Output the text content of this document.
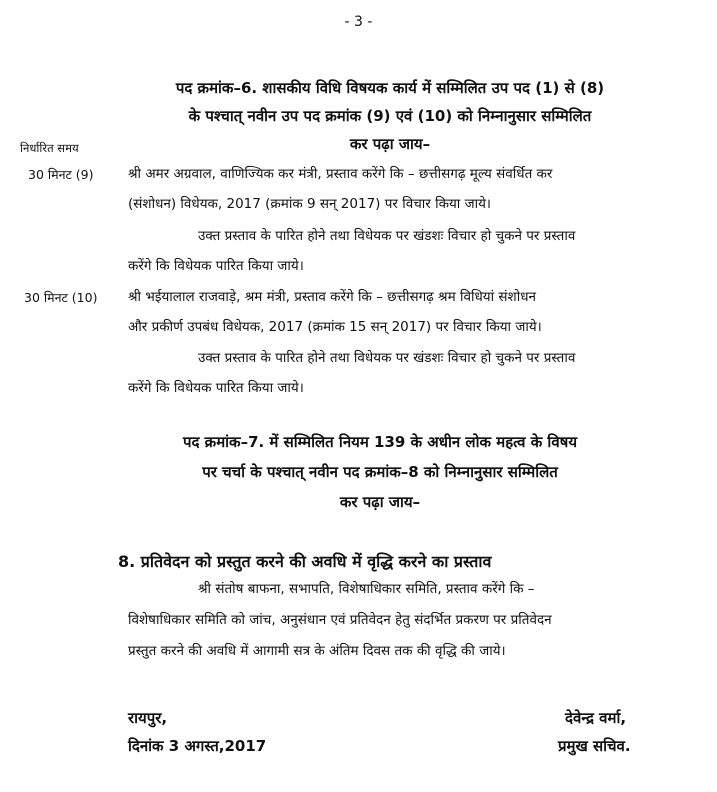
- 3 -
पद क्रमांक–6. शासकीय विधि विषयक कार्य में सम्मिलित उप पद (1) से (8)
के पश्चात् नवीन उप पद क्रमांक (9) एवं (10) को निम्नानुसार सम्मिलित
कर पढ़ा जाय–
निर्धारित समय
30 मिनट (9)	श्री अमर अग्रवाल, वाणिज्यिक कर मंत्री, प्रस्ताव करेंगे कि – छत्तीसगढ़ मूल्य संवर्धित कर
(संशोधन) विधेयक, 2017 (क्रमांक 9 सन् 2017) पर विचार किया जाये।
उक्त प्रस्ताव के पारित होने तथा विधेयक पर खंडशः विचार हो चुकने पर प्रस्ताव
करेंगे कि विधेयक पारित किया जाये।
30 मिनट (10) श्री भईयालाल राजवाड़े, श्रम मंत्री, प्रस्ताव करेंगे कि – छत्तीसगढ़ श्रम विधियां संशोधन
और प्रकीर्ण उपबंध विधेयक, 2017 (क्रमांक 15 सन् 2017) पर विचार किया जाये।
उक्त प्रस्ताव के पारित होने तथा विधेयक पर खंडशः विचार हो चुकने पर प्रस्ताव
करेंगे कि विधेयक पारित किया जाये।
पद क्रमांक–7. में सम्मिलित नियम 139 के अधीन लोक महत्व के विषय
पर चर्चा के पश्चात् नवीन पद क्रमांक–8 को निम्नानुसार सम्मिलित
कर पढ़ा जाय–
8. प्रतिवेदन को प्रस्तुत करने की अवधि में वृद्धि करने का प्रस्ताव
श्री संतोष बाफना, सभापति, विशेषाधिकार समिति, प्रस्ताव करेंगे कि –
विशेषाधिकार समिति को जांच, अनुसंधान एवं प्रतिवेदन हेतु संदर्भित प्रकरण पर प्रतिवेदन
प्रस्तुत करने की अवधि में आगामी सत्र के अंतिम दिवस तक की वृद्धि की जाये।
रायपुर,
दिनांक 3 अगस्त,2017
देवेन्द्र वर्मा,
प्रमुख सचिव.
